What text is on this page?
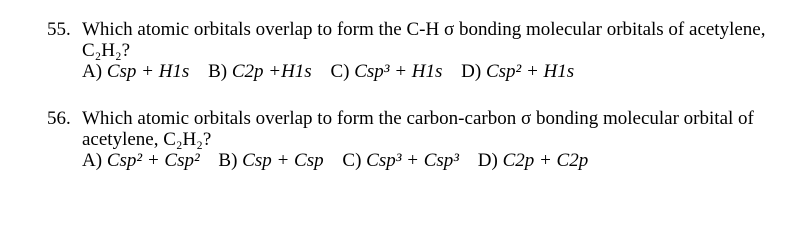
55. Which atomic orbitals overlap to form the C-H σ bonding molecular orbitals of acetylene, C₂H₂?
A) Csp + H1s B) C2p +H1s C) Csp³ + H1s D) Csp² + H1s
56. Which atomic orbitals overlap to form the carbon-carbon σ bonding molecular orbital of acetylene, C₂H₂?
A) Csp² + Csp² B) Csp + Csp C) Csp³ + Csp³ D) C2p + C2p
